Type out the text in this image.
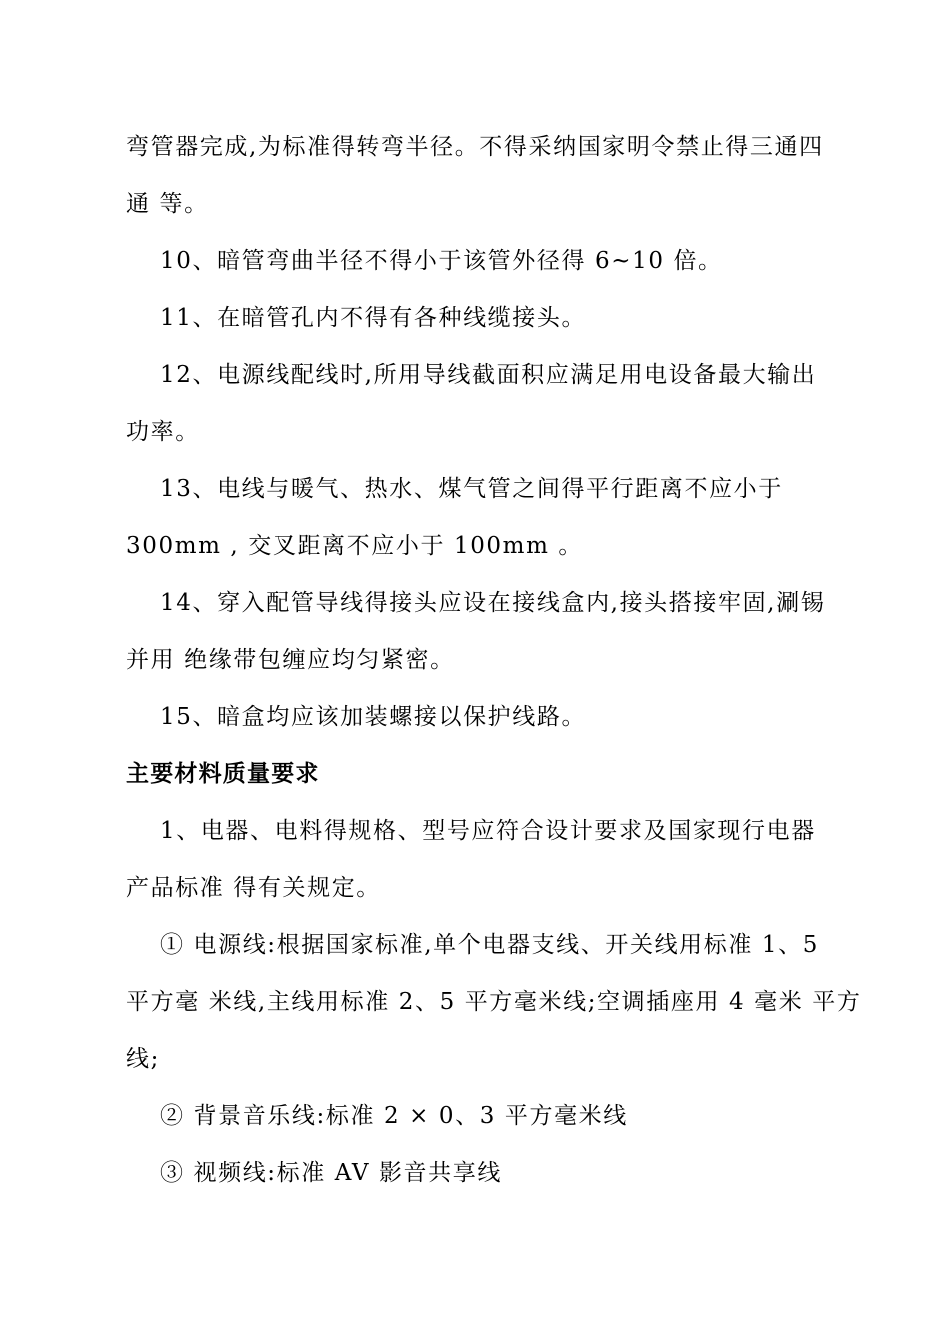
弯管器完成,为标准得转弯半径。不得采纳国家明令禁止得三通四
通 等。
10、暗管弯曲半径不得小于该管外径得 6~10 倍。
11、在暗管孔内不得有各种线缆接头。
12、电源线配线时,所用导线截面积应满足用电设备最大输出
功率。
13、电线与暖气、热水、煤气管之间得平行距离不应小于
300mm , 交叉距离不应小于 100mm 。
14、穿入配管导线得接头应设在接线盒内,接头搭接牢固,涮锡
并用 绝缘带包缠应均匀紧密。
15、暗盒均应该加装螺接以保护线路。
主要材料质量要求
1、电器、电料得规格、型号应符合设计要求及国家现行电器
产品标准 得有关规定。
① 电源线:根据国家标准,单个电器支线、开关线用标准 1、5
平方毫 米线,主线用标准 2、5 平方毫米线;空调插座用 4 毫米 平方
线;
② 背景音乐线:标准 2 × 0、3 平方毫米线
③ 视频线:标准 AV 影音共享线
